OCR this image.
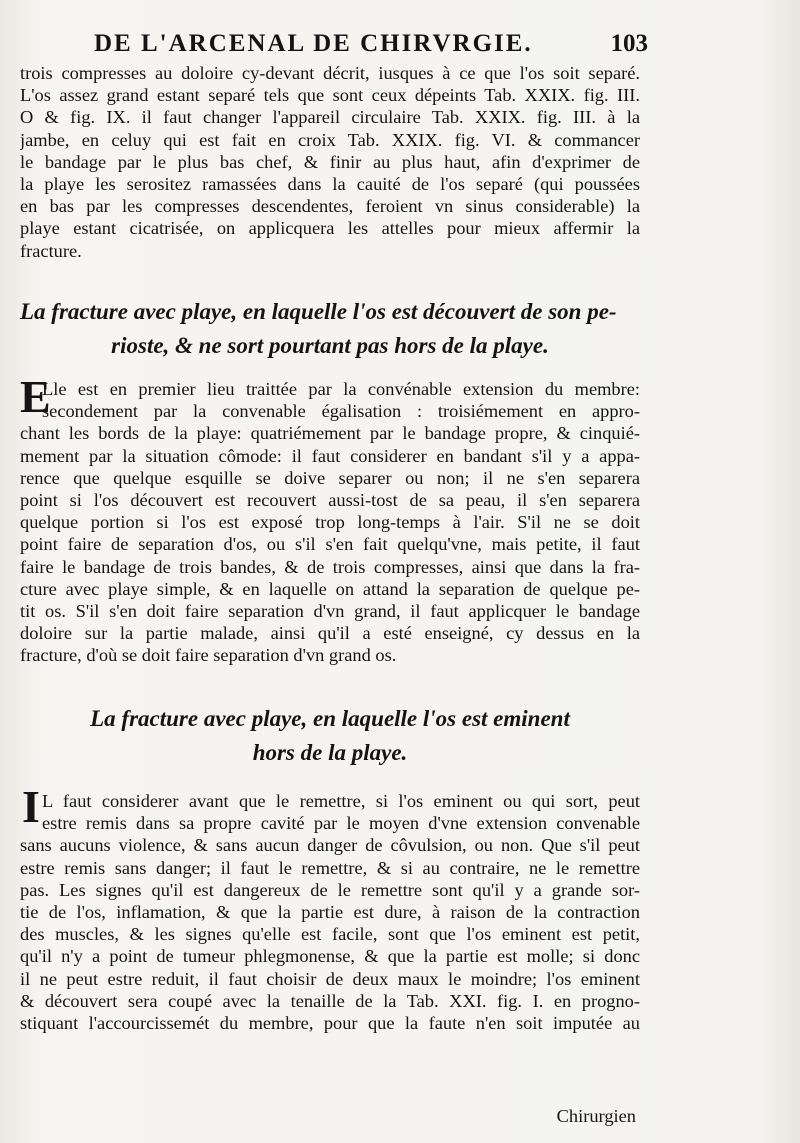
DE L'ARCENAL DE CHIRVRGIE.	103
trois compresses au doloire cy-devant décrit, iusques à ce que l'os soit separé.
L'os assez grand estant separé tels que sont ceux dépeints Tab. XXIX. fig. III.
O & fig. IX. il faut changer l'appareil circulaire Tab. XXIX. fig. III. à la
jambe, en celuy qui est fait en croix Tab. XXIX. fig. VI. & commancer
le bandage par le plus bas chef, & finir au plus haut, afin d'exprimer de
la playe les serositez ramassées dans la cauité de l'os separé (qui poussées
en bas par les compresses descendentes, feroient vn sinus considerable) la
playe estant cicatrisée, on applicquera les attelles pour mieux affermir la
fracture.
La fracture avec playe, en laquelle l'os est découvert de son pe-
rioste, & ne sort pourtant pas hors de la playe.
E
Lle est en premier lieu traittée par la convénable extension du membre:
secondement par la convenable égalisation : troisiémement en appro-
chant les bords de la playe: quatriémement par le bandage propre, & cinquié-
mement par la situation cômode: il faut considerer en bandant s'il y a appa-
rence que quelque esquille se doive separer ou non; il ne s'en separera
point si l'os découvert est recouvert aussi-tost de sa peau, il s'en separera
quelque portion si l'os est exposé trop long-temps à l'air. S'il ne se doit
point faire de separation d'os, ou s'il s'en fait quelqu'vne, mais petite, il faut
faire le bandage de trois bandes, & de trois compresses, ainsi que dans la fra-
cture avec playe simple, & en laquelle on attand la separation de quelque pe-
tit os. S'il s'en doit faire separation d'vn grand, il faut applicquer le bandage
doloire sur la partie malade, ainsi qu'il a esté enseigné, cy dessus en la
fracture, d'où se doit faire separation d'vn grand os.
La fracture avec playe, en laquelle l'os est eminent
hors de la playe.
I L faut considerer avant que le remettre, si l'os eminent ou qui sort, peut
estre remis dans sa propre cavité par le moyen d'vne extension convenable
sans aucuns violence, & sans aucun danger de côvulsion, ou non. Que s'il peut
estre remis sans danger; il faut le remettre, & si au contraire, ne le remettre
pas. Les signes qu'il est dangereux de le remettre sont qu'il y a grande sor-
tie de l'os, inflamation, & que la partie est dure, à raison de la contraction
des muscles, & les signes qu'elle est facile, sont que l'os eminent est petit,
qu'il n'y a point de tumeur phlegmonense, & que la partie est molle; si donc
il ne peut estre reduit, il faut choisir de deux maux le moindre; l'os eminent
& découvert sera coupé avec la tenaille de la Tab. XXI. fig. I. en progno-
stiquant l'accourcissemét du membre, pour que la faute n'en soit imputée au
Chirurgien
